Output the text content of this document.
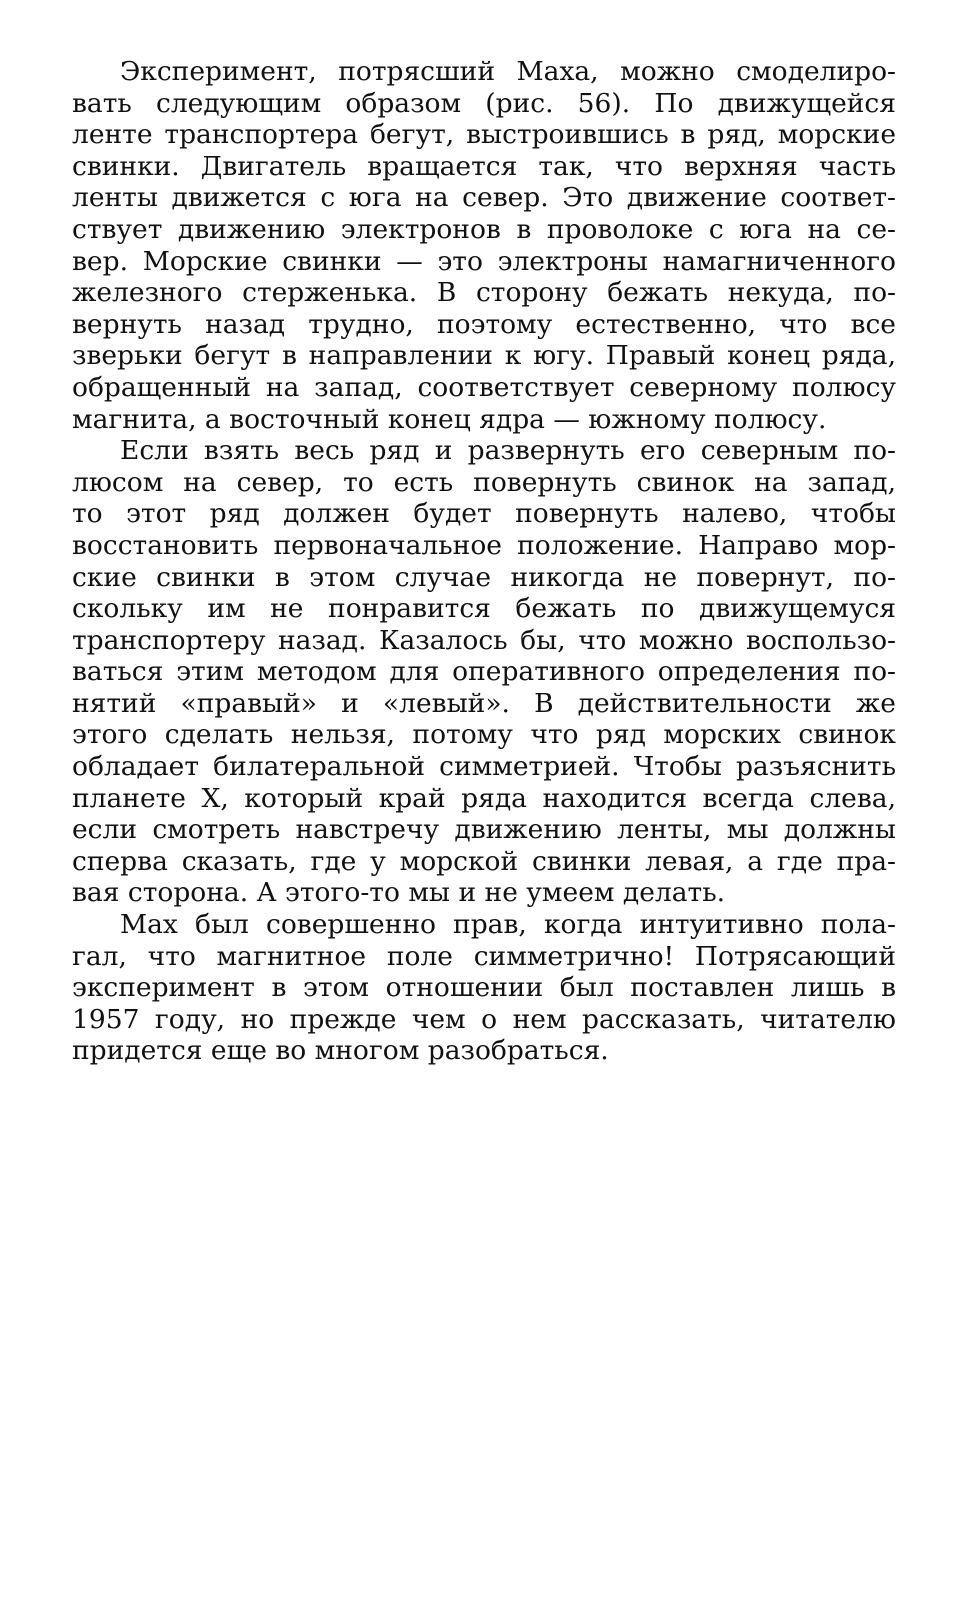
Эксперимент, потрясший Маха, можно смоделиро-
вать следующим образом (рис. 56). По движущейся
ленте транспортера бегут, выстроившись в ряд, морские
свинки. Двигатель вращается так, что верхняя часть
ленты движется с юга на север. Это движение соответ-
ствует движению электронов в проволоке с юга на се-
вер. Морские свинки — это электроны намагниченного
железного стерженька. В сторону бежать некуда, по-
вернуть назад трудно, поэтому естественно, что все
зверьки бегут в направлении к югу. Правый конец ряда,
обращенный на запад, соответствует северному полюсу
магнита, а восточный конец ядра — южному полюсу.
Если взять весь ряд и развернуть его северным по-
люсом на север, то есть повернуть свинок на запад,
то этот ряд должен будет повернуть налево, чтобы
восстановить первоначальное положение. Направо мор-
ские свинки в этом случае никогда не повернут, по-
скольку им не понравится бежать по движущемуся
транспортеру назад. Казалось бы, что можно воспользо-
ваться этим методом для оперативного определения по-
нятий «правый» и «левый». В действительности же
этого сделать нельзя, потому что ряд морских свинок
обладает билатеральной симметрией. Чтобы разъяснить
планете X, который край ряда находится всегда слева,
если смотреть навстречу движению ленты, мы должны
сперва сказать, где у морской свинки левая, а где пра-
вая сторона. А этого-то мы и не умеем делать.
Мах был совершенно прав, когда интуитивно пола-
гал, что магнитное поле симметрично! Потрясающий
эксперимент в этом отношении был поставлен лишь в
1957 году, но прежде чем о нем рассказать, читателю
придется еще во многом разобраться.
